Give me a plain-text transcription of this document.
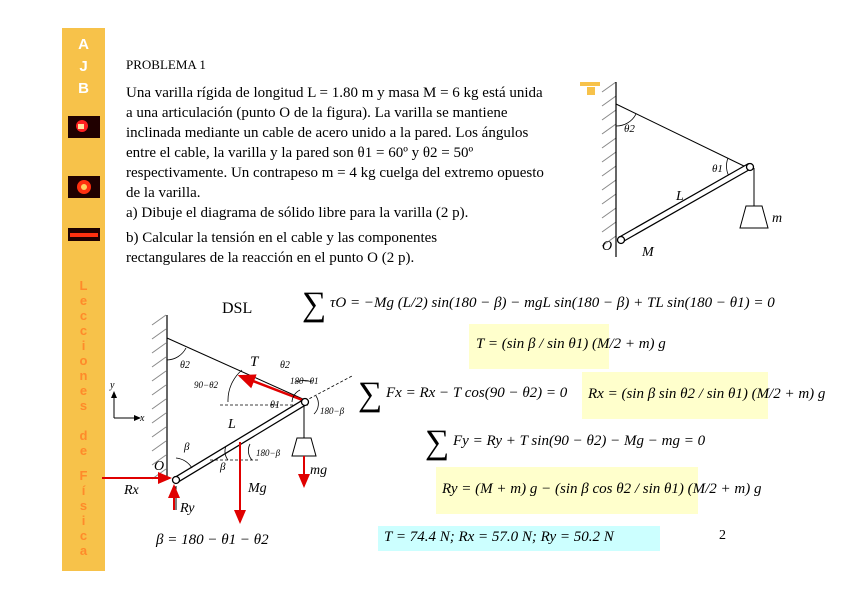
A
J
B
L
e
c
c
i
o
n
e
s
d
e
F
í
s
i
c
a
PROBLEMA 1
Una varilla rígida de longitud L = 1.80 m y masa M = 6 kg está unida
a una articulación (punto O de la figura). La varilla se mantiene
inclinada mediante un cable de acero unido a la pared. Los ángulos
entre el cable, la varilla y la pared son θ1 = 60º y θ2 = 50º
respectivamente. Un contrapeso m = 4 kg cuelga del extremo opuesto
de la varilla.
a) Dibuje el diagrama de sólido libre para la varilla (2 p).
b) Calcular la tensión en el cable y las componentes
rectangulares de la reacción en el punto O (2 p).
θ2
θ1
L
m
O M
DSL
θ2	T θ2
90−θ2	180−θ1
θ1	180−β
L
β
β
180−β
O	mg
Mg
Rx
Ry
y
x
β = 180 − θ1 − θ2
∑ τO = −Mg (L/2) sin(180 − β) − mgL sin(180 − β) + TL sin(180 − θ1) = 0
T = (sin β / sin θ1) (M/2 + m) g
∑ Fx = Rx − T cos(90 − θ2) = 0 Rx = (sin β sin θ2 / sin θ1) (M/2 + m) g
∑ Fy = Ry + T sin(90 − θ2) − Mg − mg = 0
Ry = (M + m) g − (sin β cos θ2 / sin θ1) (M/2 + m) g
T = 74.4 N; Rx = 57.0 N; Ry = 50.2 N	2
